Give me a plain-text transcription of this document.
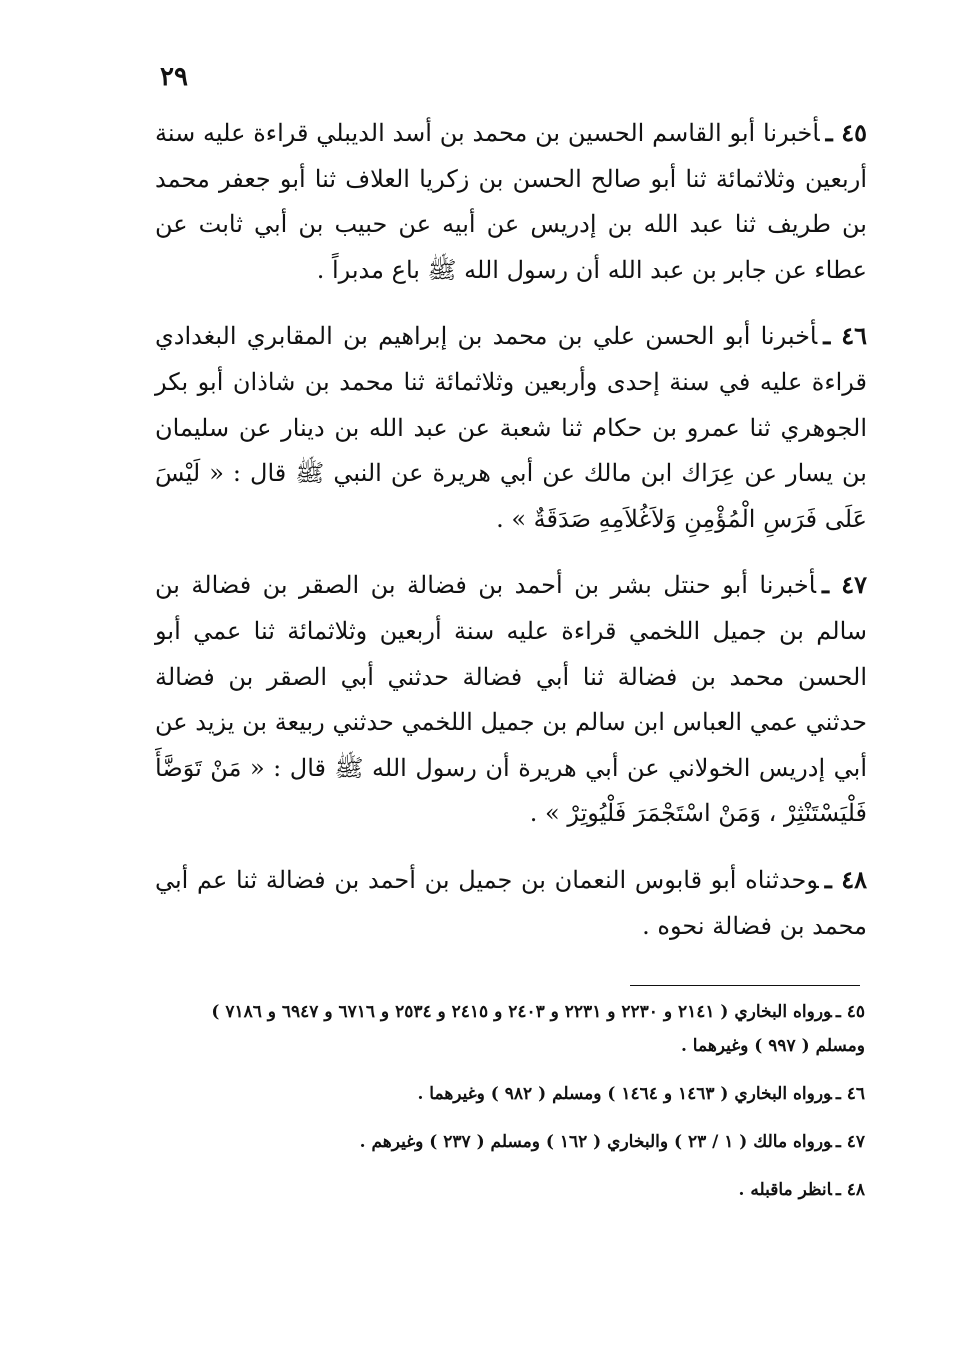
٢٩

٤٥ ـأخبرنا أبو القاسم الحسين بن محمد بن أسد الديبلي قراءة عليه سنة أربعين وثلاثمائة ثنا أبو صالح الحسن بن زكريا العلاف ثنا أبو جعفر محمد بن طريف ثنا عبد الله بن إدريس عن أبيه عن حبيب بن أبي ثابت عن عطاء عن جابر بن عبد الله أن رسول الله ﷺ باع مدبراً .

٤٦ ـأخبرنا أبو الحسن علي بن محمد بن إبراهيم بن المقابري البغدادي قراءة عليه في سنة إحدى وأربعين وثلاثمائة ثنا محمد بن شاذان أبو بكر الجوهري ثنا عمرو بن حكام ثنا شعبة عن عبد الله بن دينار عن سليمان بن يسار عن عِرَاك ابن مالك عن أبي هريرة عن النبي ﷺ قال : « لَيْسَ عَلَى فَرَسِ الْمُؤْمِنِ وَلاَغُلاَمِهِ صَدَقَةٌ » .

٤٧ ـأخبرنا أبو حنتل بشر بن أحمد بن فضالة بن الصقر بن فضالة بن سالم بن جميل اللخمي قراءة عليه سنة أربعين وثلاثمائة ثنا عمي أبو الحسن محمد بن فضالة ثنا أبي فضالة حدثني أبي الصقر بن فضالة حدثني عمي العباس ابن سالم بن جميل اللخمي حدثني ربيعة بن يزيد عن أبي إدريس الخولاني عن أبي هريرة أن رسول الله ﷺ قال : « مَنْ تَوَضَّأَ فَلْيَسْتَنْثِرْ ، وَمَنْ اسْتَجْمَرَ فَلْيُوتِرْ » .

٤٨ ـوحدثناه أبو قابوس النعمان بن جميل بن أحمد بن فضالة ثنا عم أبي محمد بن فضالة نحوه .

٤٥ ـورواه البخاري ( ٢١٤١ و ٢٢٣٠ و ٢٢٣١ و ٢٤٠٣ و ٢٤١٥ و ٢٥٣٤ و ٦٧١٦ و ٦٩٤٧ و ٧١٨٦ ) ومسلم ( ٩٩٧ ) وغيرهما .

٤٦ ـورواه البخاري ( ١٤٦٣ و ١٤٦٤ ) ومسلم ( ٩٨٢ ) وغيرهما .

٤٧ ـورواه مالك ( ١ / ٢٣ ) والبخاري ( ١٦٢ ) ومسلم ( ٢٣٧ ) وغيرهم .

٤٨ ـانظر ماقبله .
